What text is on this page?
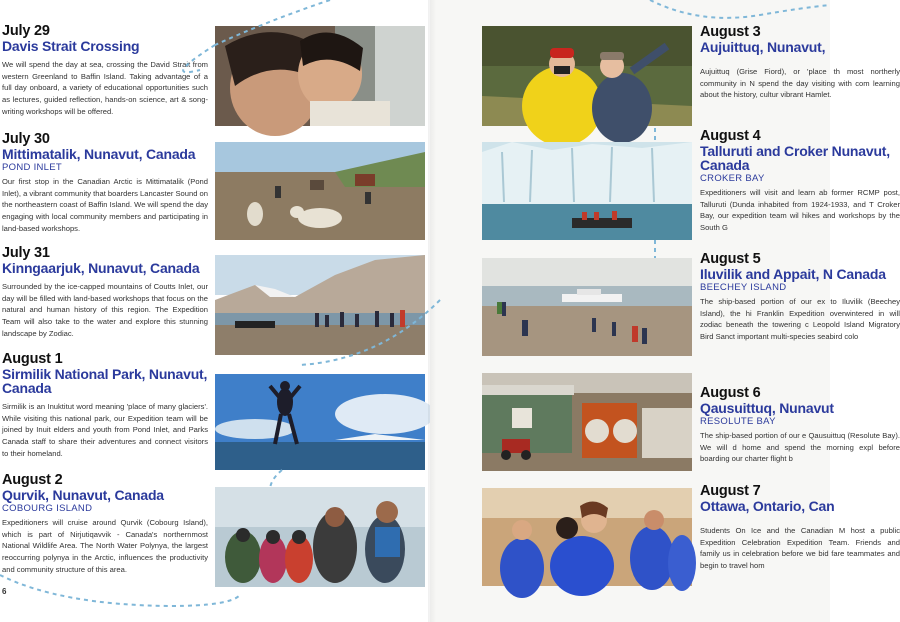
July 29
Davis Strait Crossing
We will spend the day at sea, crossing the David Strait from western Greenland to Baffin Island. Taking advantage of a full day onboard, a variety of educational opportunities such as lectures, guided reflection, hands-on science, art & song-writing workshops will be offered.
July 30
Mittimatalik, Nunavut, Canada
POND INLET
Our first stop in the Canadian Arctic is Mittimatalik (Pond Inlet), a vibrant community that boarders Lancaster Sound on the northeastern coast of Baffin Island. We will spend the day engaging with local community members and participating in land-based workshops.
July 31
Kinngaarjuk, Nunavut, Canada
Surrounded by the ice-capped mountains of Coutts Inlet, our day will be filled with land-based workshops that focus on the natural and human history of this region. The Expedition Team will also take to the water and explore this stunning landscape by Zodiac.
August 1
Sirmilik National Park, Nunavut, Canada
Sirmilik is an Inuktitut word meaning 'place of many glaciers'. While visiting this national park, our Expedition team will be joined by Inuit elders and youth from Pond Inlet, and Parks Canada staff to share their adventures and connect visitors to their homeland.
August 2
Qurvik, Nunavut, Canada
COBOURG ISLAND
Expeditioners will cruise around Qurvik (Cobourg Island), which is part of Nirjutiqavvik - Canada's northernmost National Wildlife Area. The North Water Polynya, the largest reoccurring polynya in the Arctic, influences the productivity and community structure of this area.
6
August 3
Aujuittuq, Nunavut,
Aujuittuq (Grise Fiord), or 'place th most northerly community in N spend the day visiting with com learning about the history, cultur vibrant Hamlet.
August 4
Talluruti and Croker Nunavut, Canada
CROKER BAY
Expeditioners will visit and learn ab former RCMP post, Talluruti (Dunda inhabited from 1924-1933, and T Croker Bay, our expedition team wil hikes and workshops by the South G
August 5
Iluvilik and Appait, N Canada
BEECHEY ISLAND
The ship-based portion of our ex to Iluvilik (Beechey Island), the hi Franklin Expedition overwintered in will zodiac beneath the towering c Leopold Island Migratory Bird Sanct important multi-species seabird colo
August 6
Qausuittuq, Nunavut
RESOLUTE BAY
The ship-based portion of our e Qausuittuq (Resolute Bay). We will d home and spend the morning expl before boarding our charter flight b
August 7
Ottawa, Ontario, Can
Students On Ice and the Canadian M host a public Expedition Celebration Expedition Team. Friends and family us in celebration before we bid fare teammates and begin to travel hom
